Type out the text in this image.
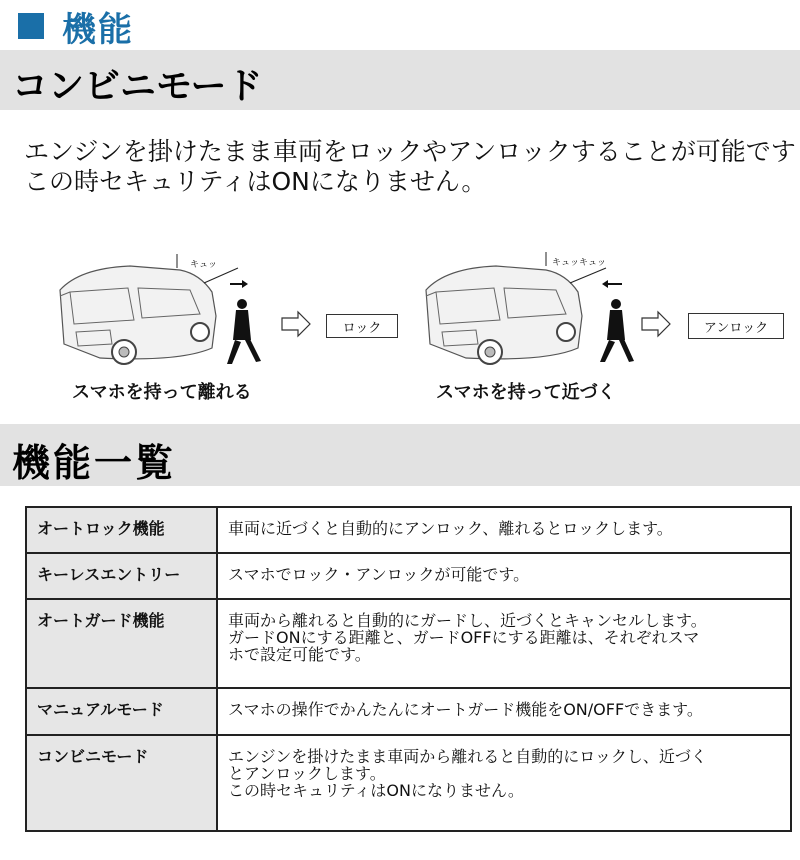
機能
コンビニモード
エンジンを掛けたまま車両をロックやアンロックすることが可能です
この時セキュリティはONになりません。
キュッ
ロック
スマホを持って離れる
キュッキュッ
アンロック
スマホを持って近づく
機能一覧
オートロック機能	車両に近づくと自動的にアンロック、離れるとロックします。

キーレスエントリー	スマホでロック・アンロックが可能です。

オートガード機能	車両から離れると自動的にガードし、近づくとキャンセルします。
ガードONにする距離と、ガードOFFにする距離は、それぞれスマ
ホで設定可能です。

マニュアルモード	スマホの操作でかんたんにオートガード機能をON/OFFできます。

コンビニモード	エンジンを掛けたまま車両から離れると自動的にロックし、近づく
とアンロックします。
この時セキュリティはONになりません。
